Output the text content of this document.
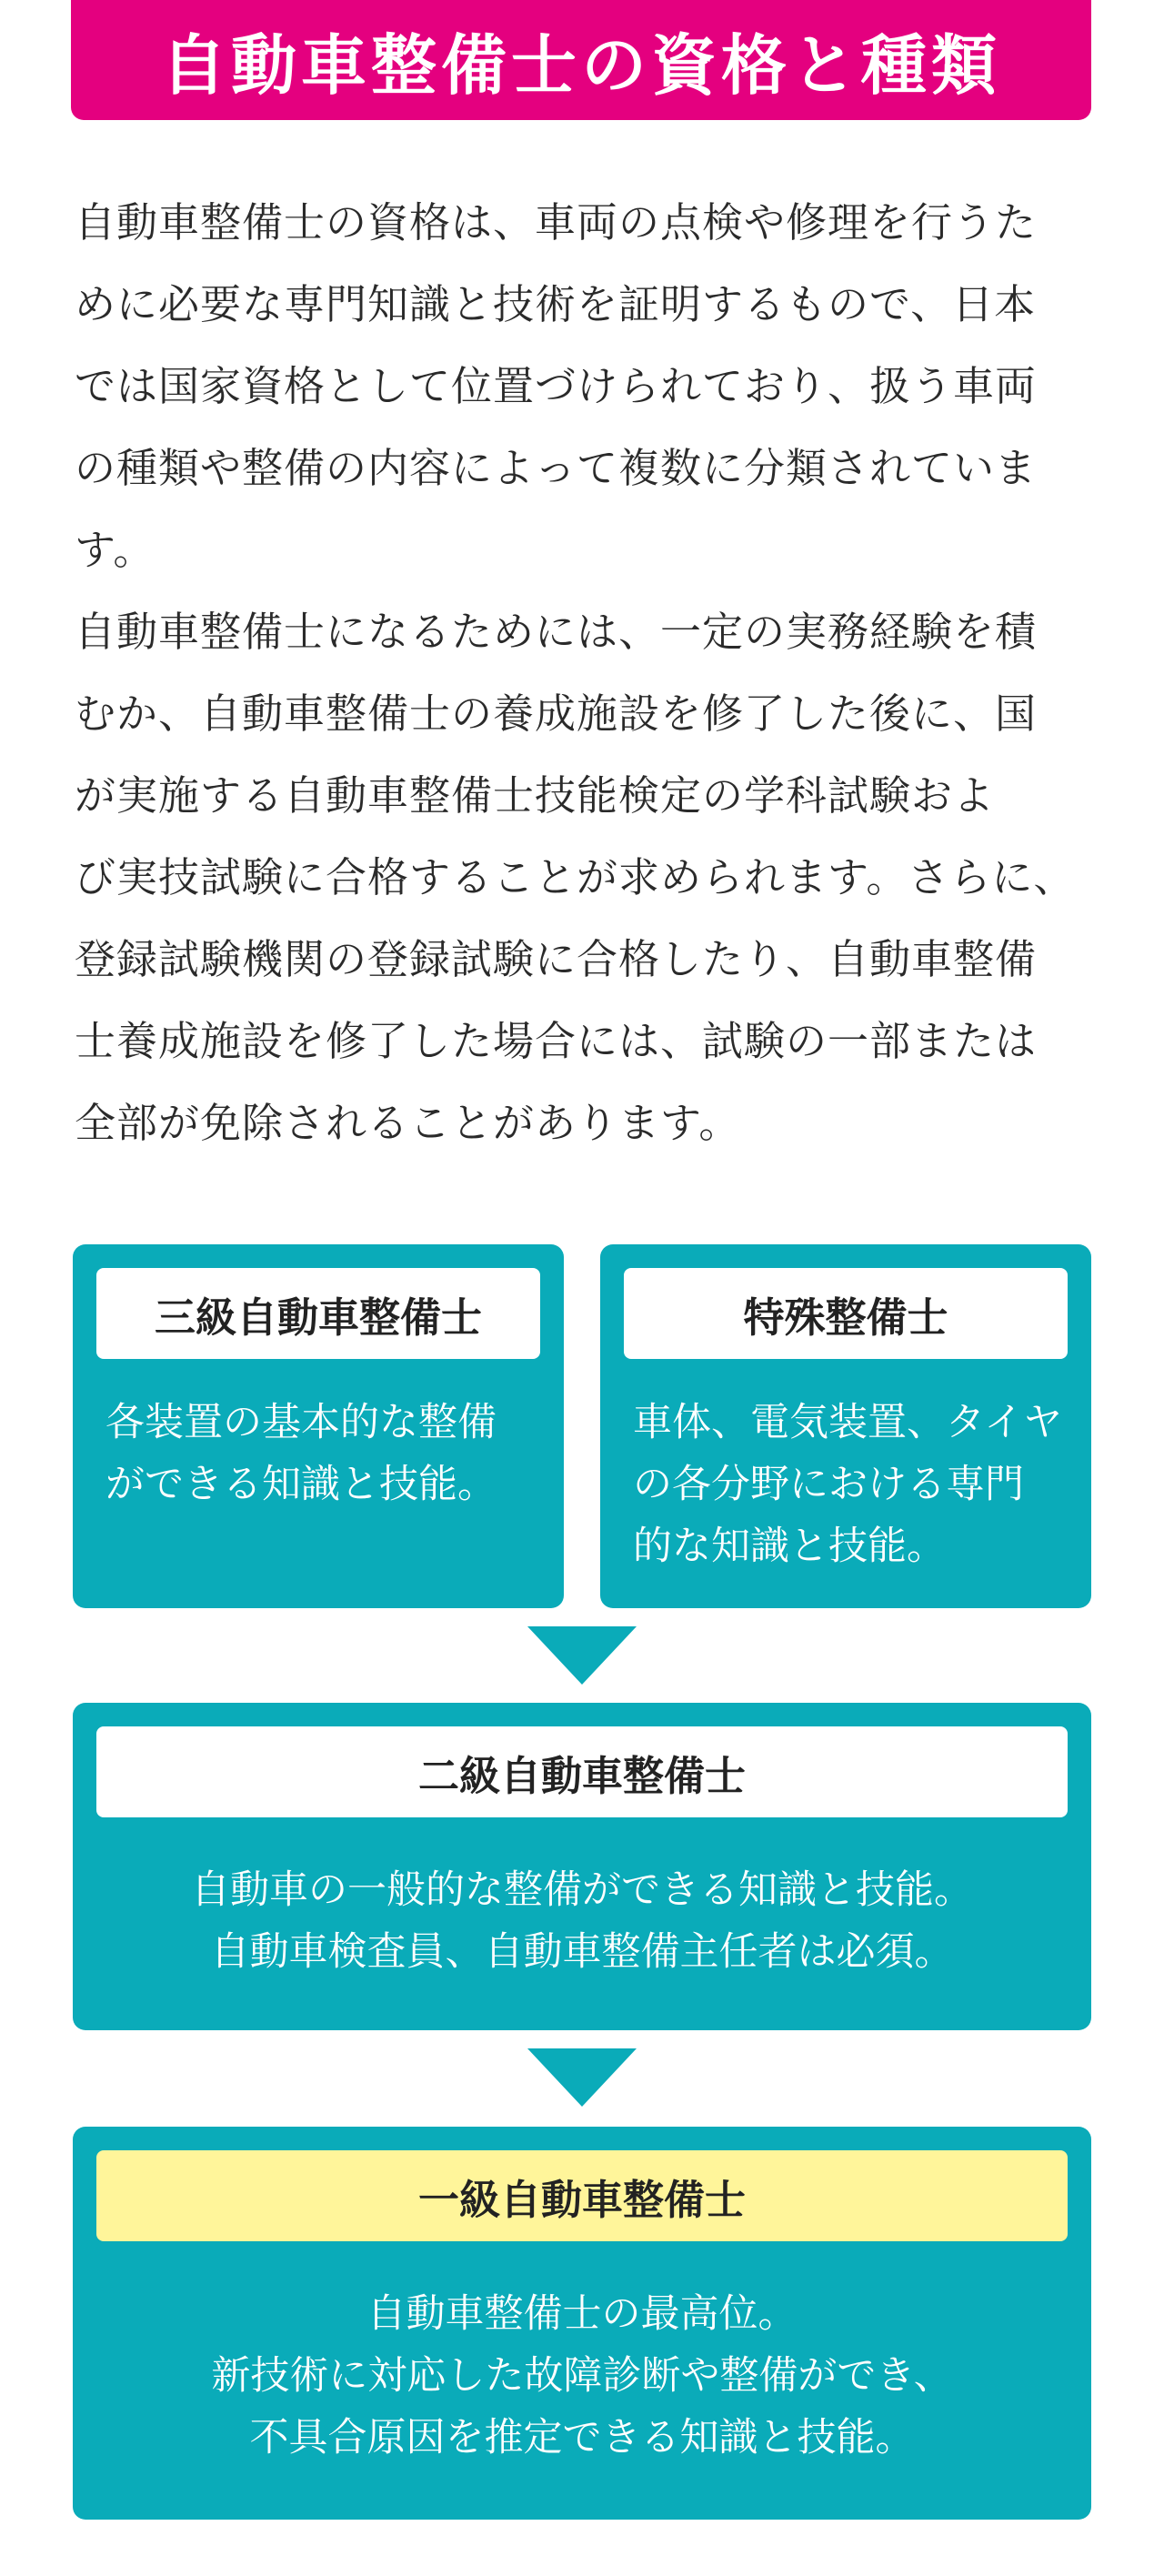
自動車整備士の資格と種類

自動車整備士の資格は、車両の点検や修理を行うた
めに必要な専門知識と技術を証明するもので、日本
では国家資格として位置づけられており、扱う車両
の種類や整備の内容によって複数に分類されていま
す。

自動車整備士になるためには、一定の実務経験を積
むか、自動車整備士の養成施設を修了した後に、国
が実施する自動車整備士技能検定の学科試験およ
び実技試験に合格することが求められます。さらに、
登録試験機関の登録試験に合格したり、自動車整備
士養成施設を修了した場合には、試験の一部または
全部が免除されることがあります。

三級自動車整備士
各装置の基本的な整備
ができる知識と技能。
特殊整備士
車体、電気装置、タイヤ
の各分野における専門
的な知識と技能。
二級自動車整備士
自動車の一般的な整備ができる知識と技能。
自動車検査員、自動車整備主任者は必須。
一級自動車整備士
自動車整備士の最高位。
新技術に対応した故障診断や整備ができ、
不具合原因を推定できる知識と技能。
